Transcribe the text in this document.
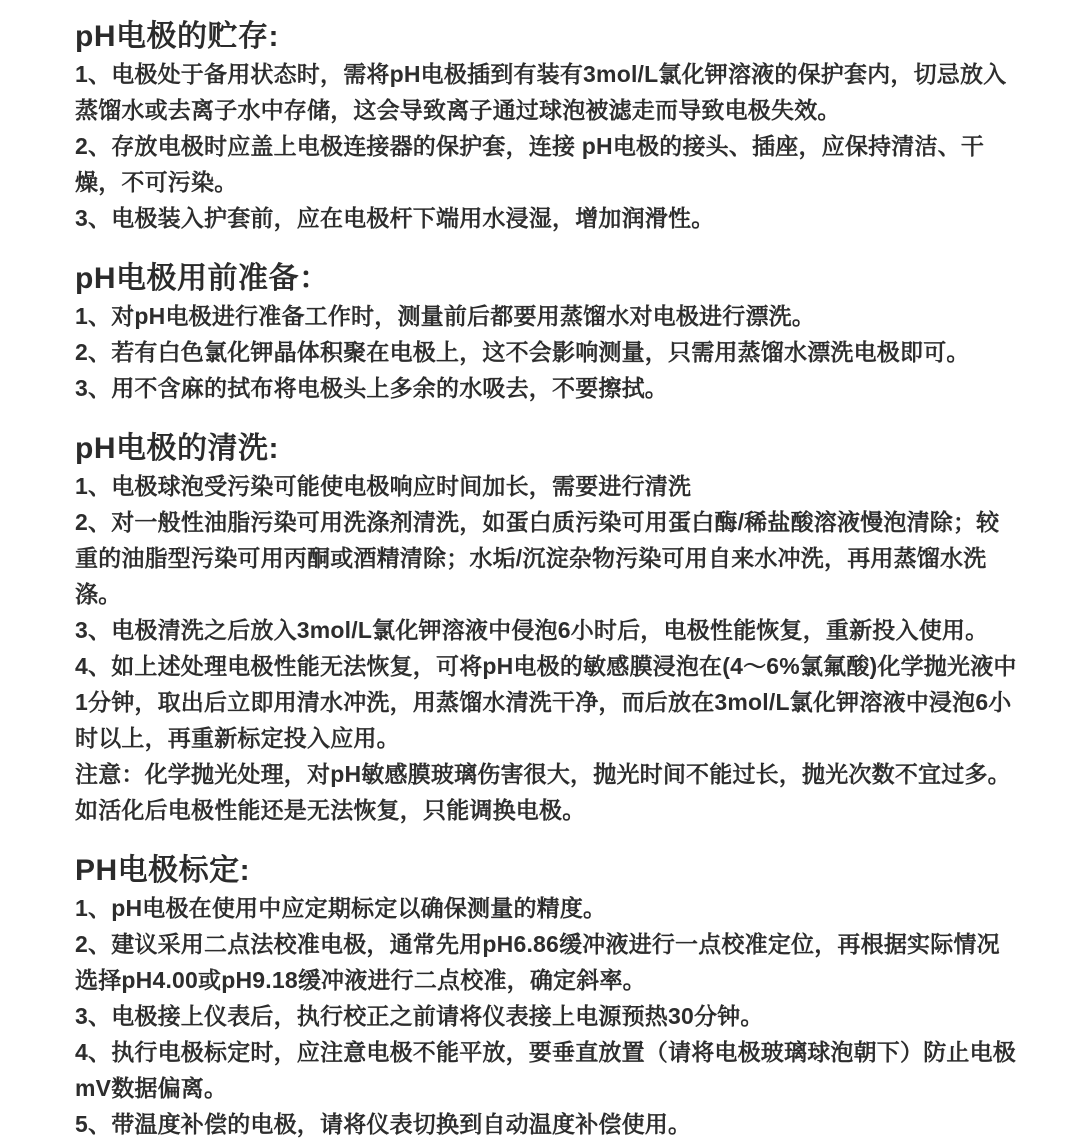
pH电极的贮存:

1、电极处于备用状态时，需将pH电极插到有装有3mol/L氯化钾溶液的保护套内，切忌放入蒸馏水或去离子水中存储，这会导致离子通过球泡被滤走而导致电极失效。

2、存放电极时应盖上电极连接器的保护套，连接 pH电极的接头、插座，应保持清洁、干燥，不可污染。

3、电极装入护套前，应在电极杆下端用水浸湿，增加润滑性。

pH电极用前准备：

1、对pH电极进行准备工作时，测量前后都要用蒸馏水对电极进行漂洗。

2、若有白色氯化钾晶体积聚在电极上，这不会影响测量，只需用蒸馏水漂洗电极即可。

3、用不含麻的拭布将电极头上多余的水吸去，不要擦拭。

pH电极的清洗:

1、电极球泡受污染可能使电极响应时间加长，需要进行清洗

2、对一般性油脂污染可用洗涤剂清洗，如蛋白质污染可用蛋白酶/稀盐酸溶液慢泡清除；较重的油脂型污染可用丙酮或酒精清除；水垢/沉淀杂物污染可用自来水冲洗，再用蒸馏水洗涤。

3、电极清洗之后放入3mol/L氯化钾溶液中侵泡6小时后，电极性能恢复，重新投入使用。

4、如上述处理电极性能无法恢复，可将pH电极的敏感膜浸泡在(4～6%氯氟酸)化学抛光液中1分钟，取出后立即用清水冲洗，用蒸馏水清洗干净，而后放在3mol/L氯化钾溶液中浸泡6小时以上，再重新标定投入应用。

注意：化学抛光处理，对pH敏感膜玻璃伤害很大，抛光时间不能过长，抛光次数不宜过多。如活化后电极性能还是无法恢复，只能调换电极。

PH电极标定:

1、pH电极在使用中应定期标定以确保测量的精度。

2、建议采用二点法校准电极，通常先用pH6.86缓冲液进行一点校准定位，再根据实际情况选择pH4.00或pH9.18缓冲液进行二点校准，确定斜率。

3、电极接上仪表后，执行校正之前请将仪表接上电源预热30分钟。

4、执行电极标定时，应注意电极不能平放，要垂直放置（请将电极玻璃球泡朝下）防止电极mV数据偏离。

5、带温度补偿的电极，请将仪表切换到自动温度补偿使用。
